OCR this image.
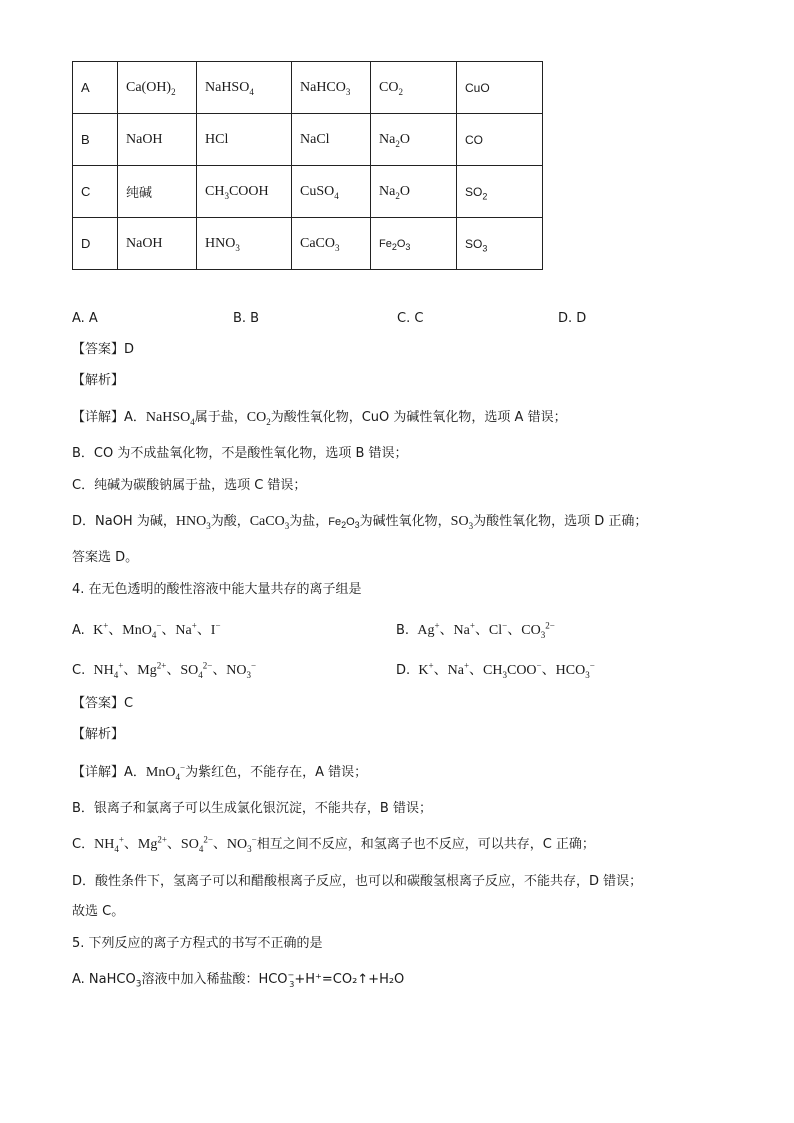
A	$Ca(OH)_2$	NaHSO$_4$	NaHCO$_3$	$CO_2$	CuO
B	NaOH	HCl	NaCl	$Na_2O$	CO
C	纯碱	$CH_3COOH$	CuSO$_4$	$Na_2O$	$SO_2$
D	NaOH	$HNO_3$	CaCO$_3$	$Fe_2O_3$	$SO_3$
A. A	B. B	C. C	D. D
【答案】D
【解析】
【详解】A．NaHSO$_4$属于盐，$CO_2$为酸性氧化物，CuO 为碱性氧化物，选项 A 错误；
B．CO 为不成盐氧化物，不是酸性氧化物，选项 B 错误；
C．纯碱为碳酸钠属于盐，选项 C 错误；
D．NaOH 为碱，$HNO_3$为酸，CaCO$_3$为盐，$Fe_2O_3$为碱性氧化物，$SO_3$为酸性氧化物，选项 D 正确；
答案选 D。
4. 在无色透明的酸性溶液中能大量共存的离子组是
A. K+、MnO$_4$−、Na+、I−	B. Ag+、Na+、Cl−、$CO_3^{2-}$
C. $NH_4^+$、$Mg^{2+}$、$SO_4^{2-}$、$NO_3^-$	D. K+、Na+、$CH_3COO^-$、$HCO_3^-$
【答案】C
【解析】
【详解】A．MnO$_4$−为紫红色，不能存在，A 错误；
B．银离子和氯离子可以生成氯化银沉淀，不能共存，B 错误；
C．$NH_4^+$、$Mg^{2+}$、$SO_4^{2-}$、$NO_3^-$相互之间不反应，和氢离子也不反应，可以共存，C 正确；
D．酸性条件下，氢离子可以和醋酸根离子反应，也可以和碳酸氢根离子反应，不能共存，D 错误；
故选 C。
5. 下列反应的离子方程式的书写不正确的是
A. NaHCO$_3$溶液中加入稀盐酸：$HCO^-_3+H^+=CO_2↑+H_2O$
